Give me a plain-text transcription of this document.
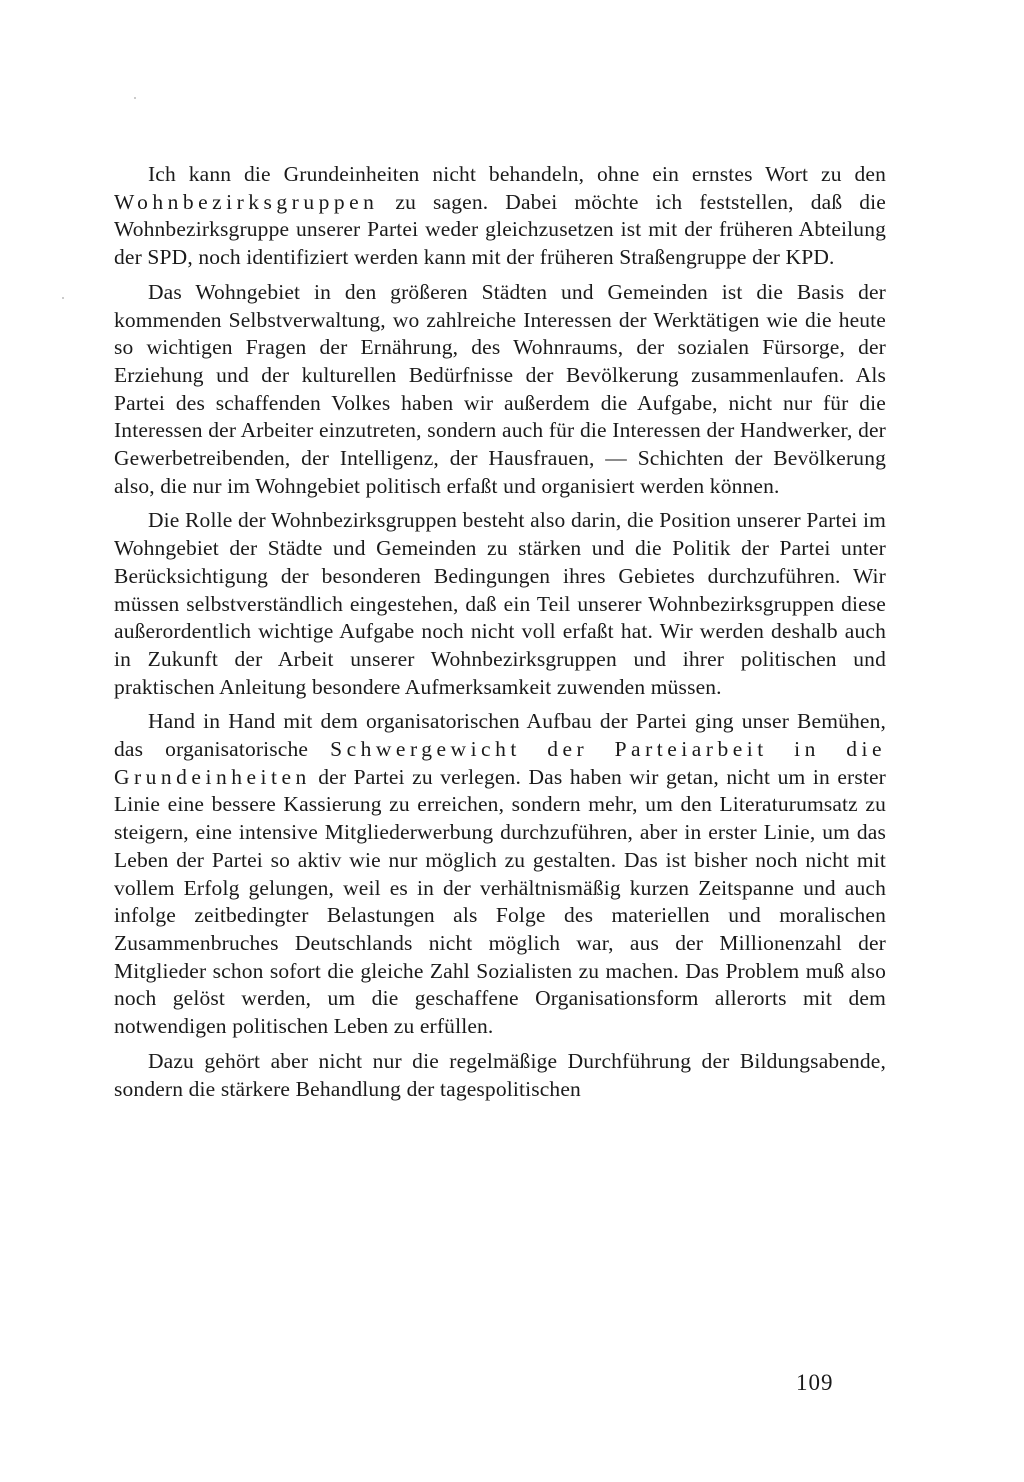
Ich kann die Grundeinheiten nicht behandeln, ohne ein ernstes Wort zu den Wohnbezirksgruppen zu sagen. Dabei möchte ich feststellen, daß die Wohnbezirksgruppe unserer Partei weder gleichzusetzen ist mit der früheren Abteilung der SPD, noch identifiziert werden kann mit der früheren Straßengruppe der KPD.

Das Wohngebiet in den größeren Städten und Gemeinden ist die Basis der kommenden Selbstverwaltung, wo zahlreiche Interessen der Werktätigen wie die heute so wichtigen Fragen der Ernährung, des Wohnraums, der sozialen Fürsorge, der Erziehung und der kulturellen Bedürfnisse der Bevölkerung zusammenlaufen. Als Partei des schaffenden Volkes haben wir außerdem die Aufgabe, nicht nur für die Interessen der Arbeiter einzutreten, sondern auch für die Interessen der Handwerker, der Gewerbetreibenden, der Intelligenz, der Hausfrauen, — Schichten der Bevölkerung also, die nur im Wohngebiet politisch erfaßt und organisiert werden können.

Die Rolle der Wohnbezirksgruppen besteht also darin, die Position unserer Partei im Wohngebiet der Städte und Gemeinden zu stärken und die Politik der Partei unter Berücksichtigung der besonderen Bedingungen ihres Gebietes durchzuführen. Wir müssen selbstverständlich eingestehen, daß ein Teil unserer Wohnbezirksgruppen diese außerordentlich wichtige Aufgabe noch nicht voll erfaßt hat. Wir werden deshalb auch in Zukunft der Arbeit unserer Wohnbezirksgruppen und ihrer politischen und praktischen Anleitung besondere Aufmerksamkeit zuwenden müssen.

Hand in Hand mit dem organisatorischen Aufbau der Partei ging unser Bemühen, das organisatorische Schwergewicht der Parteiarbeit in die Grundeinheiten der Partei zu verlegen. Das haben wir getan, nicht um in erster Linie eine bessere Kassierung zu erreichen, sondern mehr, um den Literaturumsatz zu steigern, eine intensive Mitgliederwerbung durchzuführen, aber in erster Linie, um das Leben der Partei so aktiv wie nur möglich zu gestalten. Das ist bisher noch nicht mit vollem Erfolg gelungen, weil es in der verhältnismäßig kurzen Zeitspanne und auch infolge zeitbedingter Belastungen als Folge des materiellen und moralischen Zusammenbruches Deutschlands nicht möglich war, aus der Millionenzahl der Mitglieder schon sofort die gleiche Zahl Sozialisten zu machen. Das Problem muß also noch gelöst werden, um die geschaffene Organisationsform allerorts mit dem notwendigen politischen Leben zu erfüllen.

Dazu gehört aber nicht nur die regelmäßige Durchführung der Bildungsabende, sondern die stärkere Behandlung der tagespolitischen

109
